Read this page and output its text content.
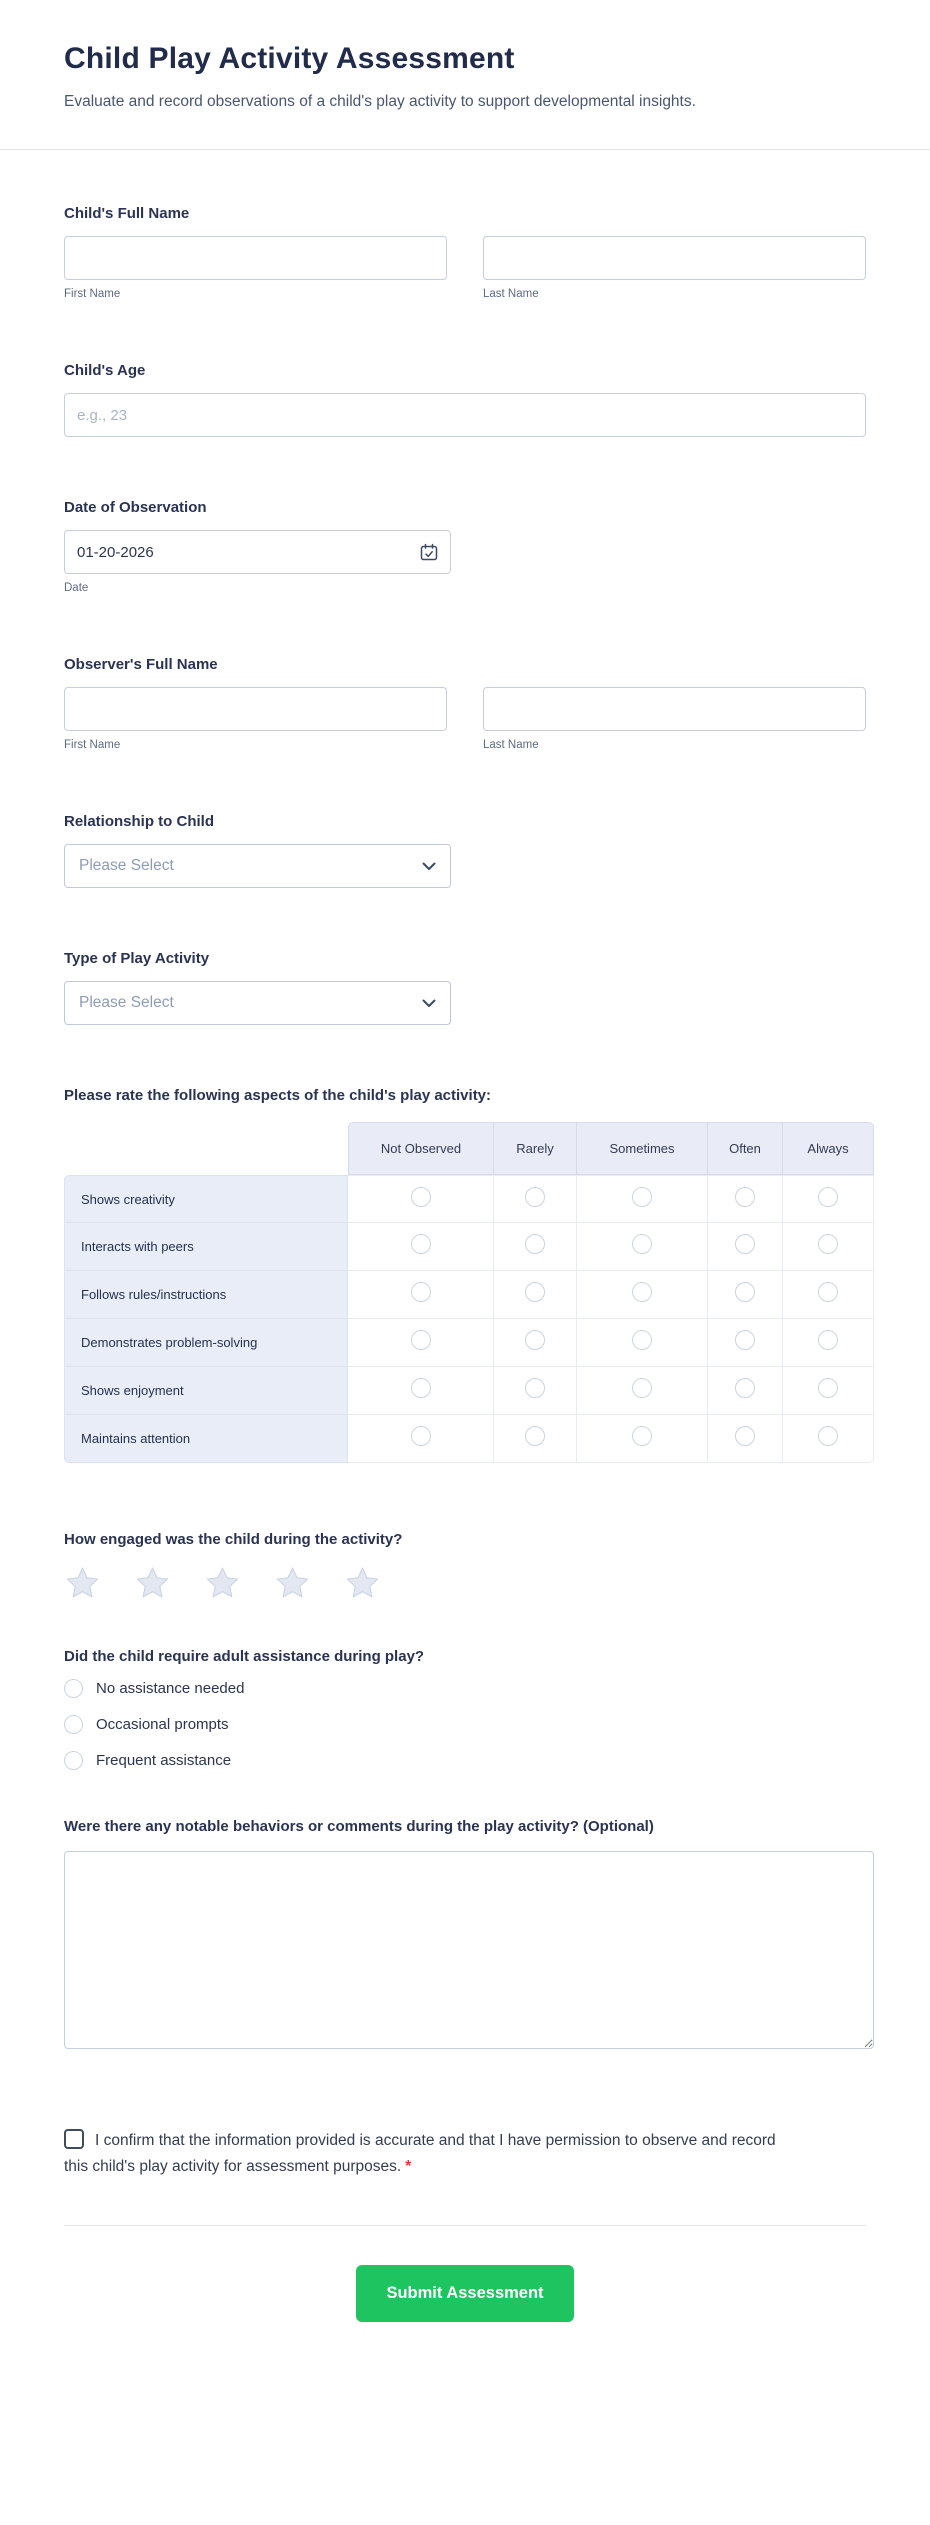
Child Play Activity Assessment
Evaluate and record observations of a child's play activity to support developmental insights.
Child's Full Name
First Name	Last Name
Child's Age
e.g., 23
Date of Observation
01-20-2026
Date
Observer's Full Name
First Name	Last Name
Relationship to Child
Please Select
Type of Play Activity
Please Select
Please rate the following aspects of the child's play activity:
	Not Observed	Rarely	Sometimes	Often	Always
Shows creativity					
Interacts with peers					
Follows rules/instructions					
Demonstrates problem-solving					
Shows enjoyment					
Maintains attention					
How engaged was the child during the activity?
Did the child require adult assistance during play?
No assistance needed
Occasional prompts
Frequent assistance
Were there any notable behaviors or comments during the play activity? (Optional)
I confirm that the information provided is accurate and that I have permission to observe and record this child's play activity for assessment purposes. *
Submit Assessment
